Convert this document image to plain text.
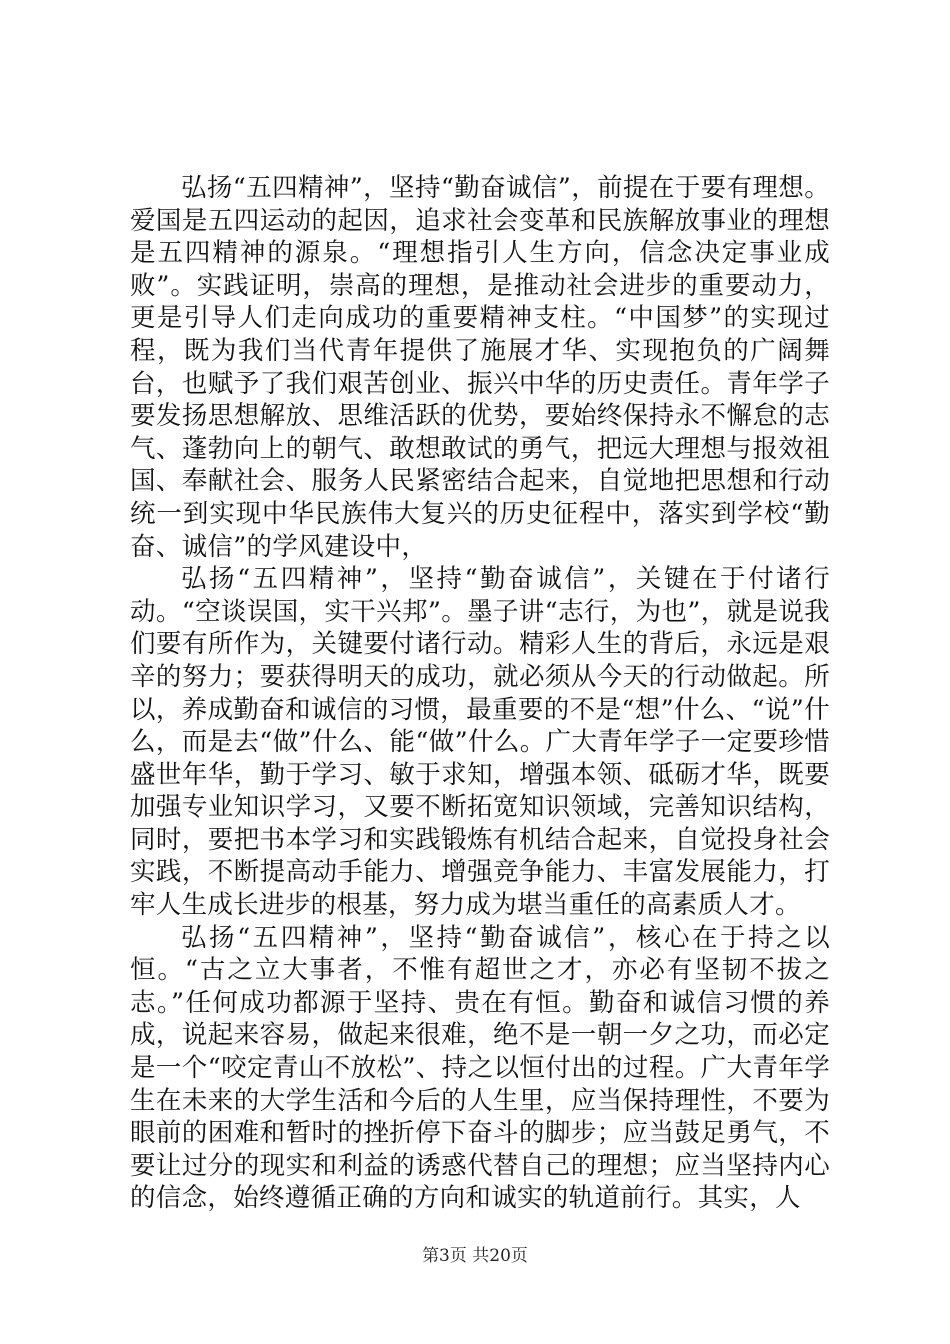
弘扬“五四精神”，坚持“勤奋诚信”，前提在于要有理想。爱国是五四运动的起因，追求社会变革和民族解放事业的理想是五四精神的源泉。“理想指引人生方向，信念决定事业成败”。实践证明，崇高的理想，是推动社会进步的重要动力，更是引导人们走向成功的重要精神支柱。“中国梦”的实现过程，既为我们当代青年提供了施展才华、实现抱负的广阔舞台，也赋予了我们艰苦创业、振兴中华的历史责任。青年学子要发扬思想解放、思维活跃的优势，要始终保持永不懈怠的志气、蓬勃向上的朝气、敢想敢试的勇气，把远大理想与报效祖国、奉献社会、服务人民紧密结合起来，自觉地把思想和行动统一到实现中华民族伟大复兴的历史征程中，落实到学校“勤奋、诚信”的学风建设中，

弘扬“五四精神”，坚持“勤奋诚信”，关键在于付诸行动。“空谈误国，实干兴邦”。墨子讲“志行，为也”，就是说我们要有所作为，关键要付诸行动。精彩人生的背后，永远是艰辛的努力；要获得明天的成功，就必须从今天的行动做起。所以，养成勤奋和诚信的习惯，最重要的不是“想”什么、“说”什么，而是去“做”什么、能“做”什么。广大青年学子一定要珍惜盛世年华，勤于学习、敏于求知，增强本领、砥砺才华，既要加强专业知识学习，又要不断拓宽知识领域，完善知识结构，同时，要把书本学习和实践锻炼有机结合起来，自觉投身社会实践，不断提高动手能力、增强竞争能力、丰富发展能力，打牢人生成长进步的根基，努力成为堪当重任的高素质人才。

弘扬“五四精神”，坚持“勤奋诚信”，核心在于持之以恒。“古之立大事者，不惟有超世之才，亦必有坚韧不拔之志。”任何成功都源于坚持、贵在有恒。勤奋和诚信习惯的养成，说起来容易，做起来很难，绝不是一朝一夕之功，而必定是一个“咬定青山不放松”、持之以恒付出的过程。广大青年学生在未来的大学生活和今后的人生里，应当保持理性，不要为眼前的困难和暂时的挫折停下奋斗的脚步；应当鼓足勇气，不要让过分的现实和利益的诱惑代替自己的理想；应当坚持内心的信念，始终遵循正确的方向和诚实的轨道前行。其实，人

第3页 共20页
